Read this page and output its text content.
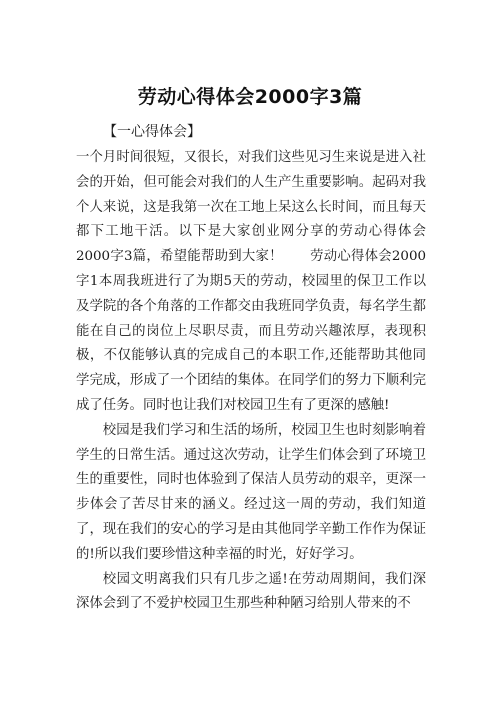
劳动心得体会2000字3篇
【一心得体会】

一个月时间很短，又很长，对我们这些见习生来说是进入社会的开始，但可能会对我们的人生产生重要影响。起码对我个人来说，这是我第一次在工地上呆这么长时间，而且每天都下工地干活。以下是大家创业网分享的劳动心得体会2000字3篇，希望能帮助到大家！　　劳动心得体会2000字1本周我班进行了为期5天的劳动，校园里的保卫工作以及学院的各个角落的工作都交由我班同学负责，每名学生都能在自己的岗位上尽职尽责，而且劳动兴趣浓厚，表现积极，不仅能够认真的完成自己的本职工作,还能帮助其他同学完成，形成了一个团结的集体。在同学们的努力下顺利完成了任务。同时也让我们对校园卫生有了更深的感触!

校园是我们学习和生活的场所，校园卫生也时刻影响着学生的日常生活。通过这次劳动，让学生们体会到了环境卫生的重要性，同时也体验到了保洁人员劳动的艰辛，更深一步体会了苦尽甘来的涵义。经过这一周的劳动，我们知道了，现在我们的安心的学习是由其他同学辛勤工作作为保证的!所以我们要珍惜这种幸福的时光，好好学习。

校园文明离我们只有几步之遥!在劳动周期间，我们深深体会到了不爱护校园卫生那些种种陋习给别人带来的不
